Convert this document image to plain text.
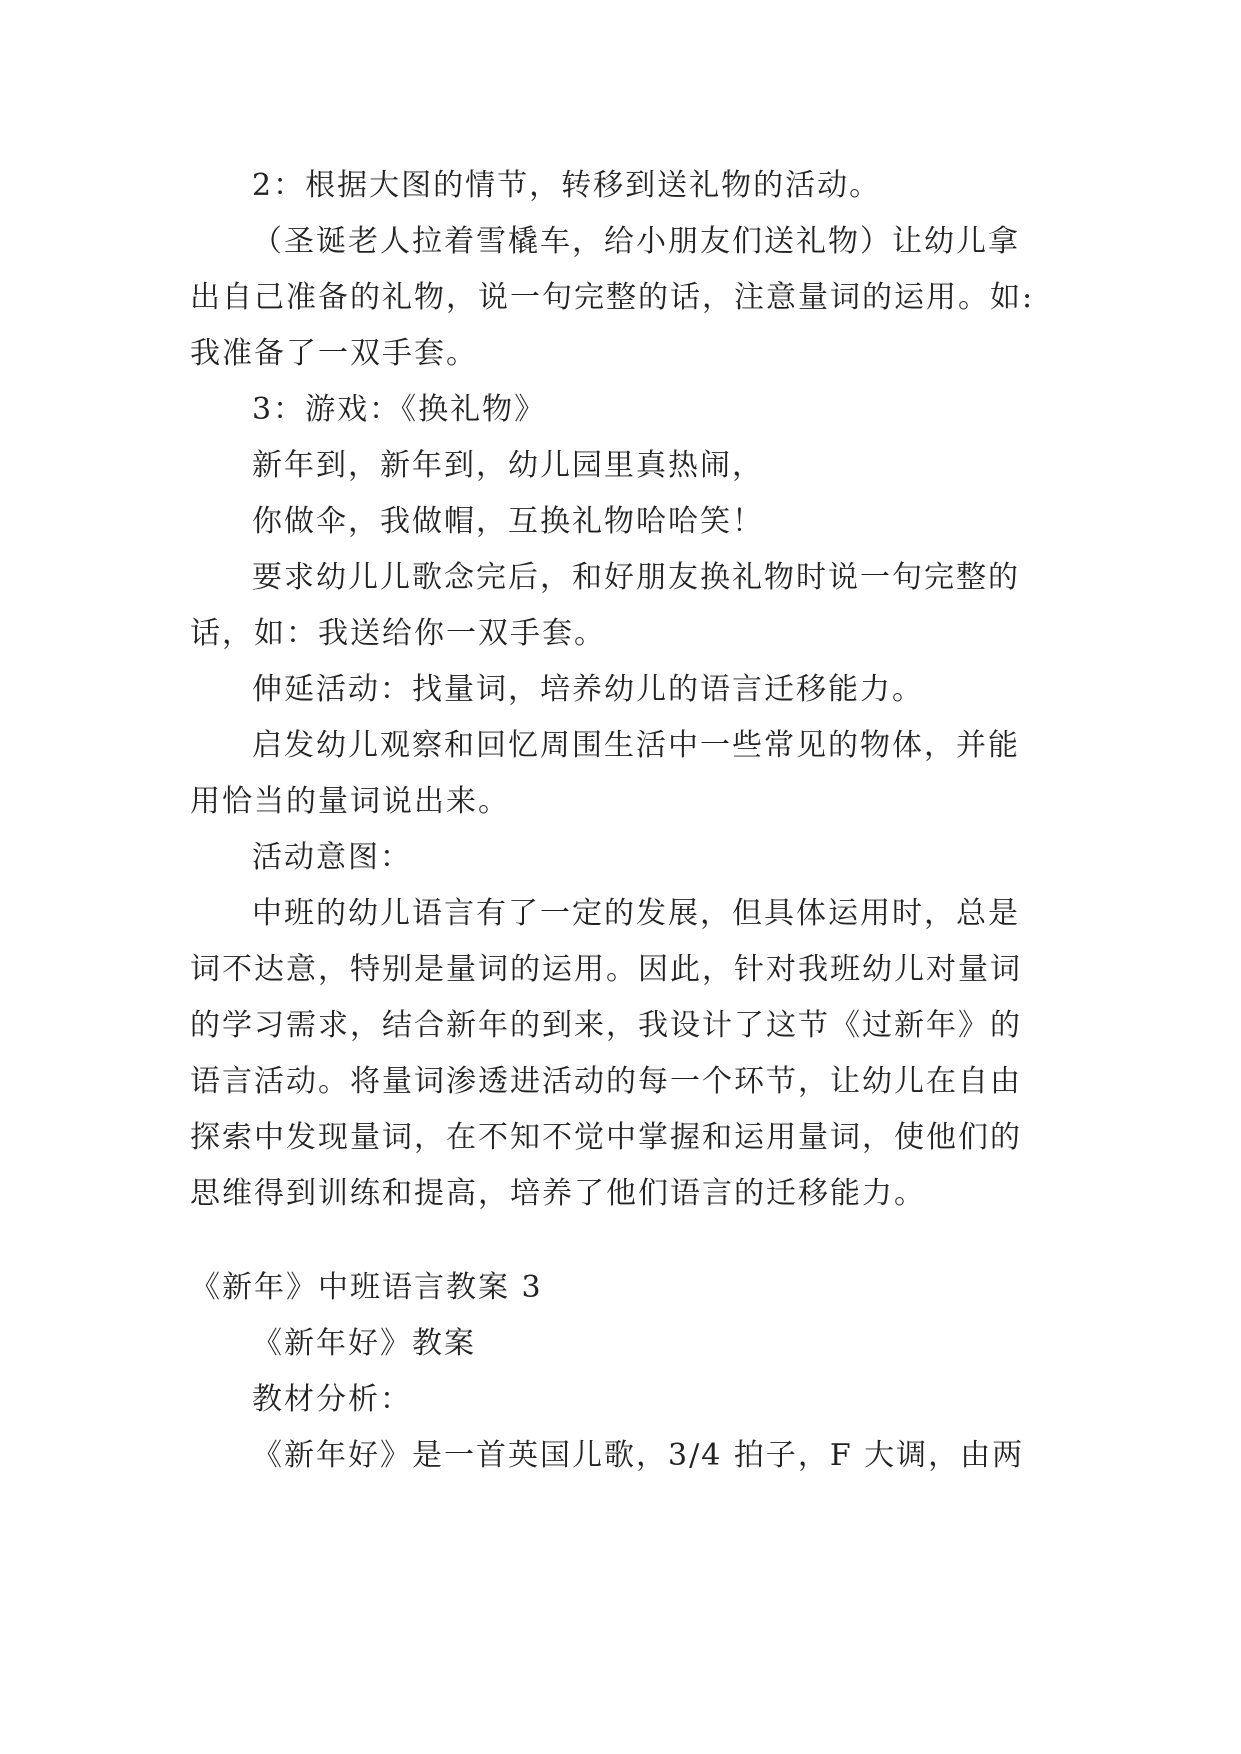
2：根据大图的情节，转移到送礼物的活动。
（圣诞老人拉着雪橇车，给小朋友们送礼物）让幼儿拿
出自己准备的礼物，说一句完整的话，注意量词的运用。如:
我准备了一双手套。
3：游戏：《换礼物》
新年到，新年到，幼儿园里真热闹，
你做伞，我做帽，互换礼物哈哈笑！
要求幼儿儿歌念完后，和好朋友换礼物时说一句完整的
话，如：我送给你一双手套。
伸延活动：找量词，培养幼儿的语言迁移能力。
启发幼儿观察和回忆周围生活中一些常见的物体，并能
用恰当的量词说出来。
活动意图：
中班的幼儿语言有了一定的发展，但具体运用时，总是
词不达意，特别是量词的运用。因此，针对我班幼儿对量词
的学习需求，结合新年的到来，我设计了这节《过新年》的
语言活动。将量词渗透进活动的每一个环节，让幼儿在自由
探索中发现量词，在不知不觉中掌握和运用量词，使他们的
思维得到训练和提高，培养了他们语言的迁移能力。
《新年》中班语言教案 3
《新年好》教案
教材分析：
《新年好》是一首英国儿歌，3/4 拍子，F 大调，由两
